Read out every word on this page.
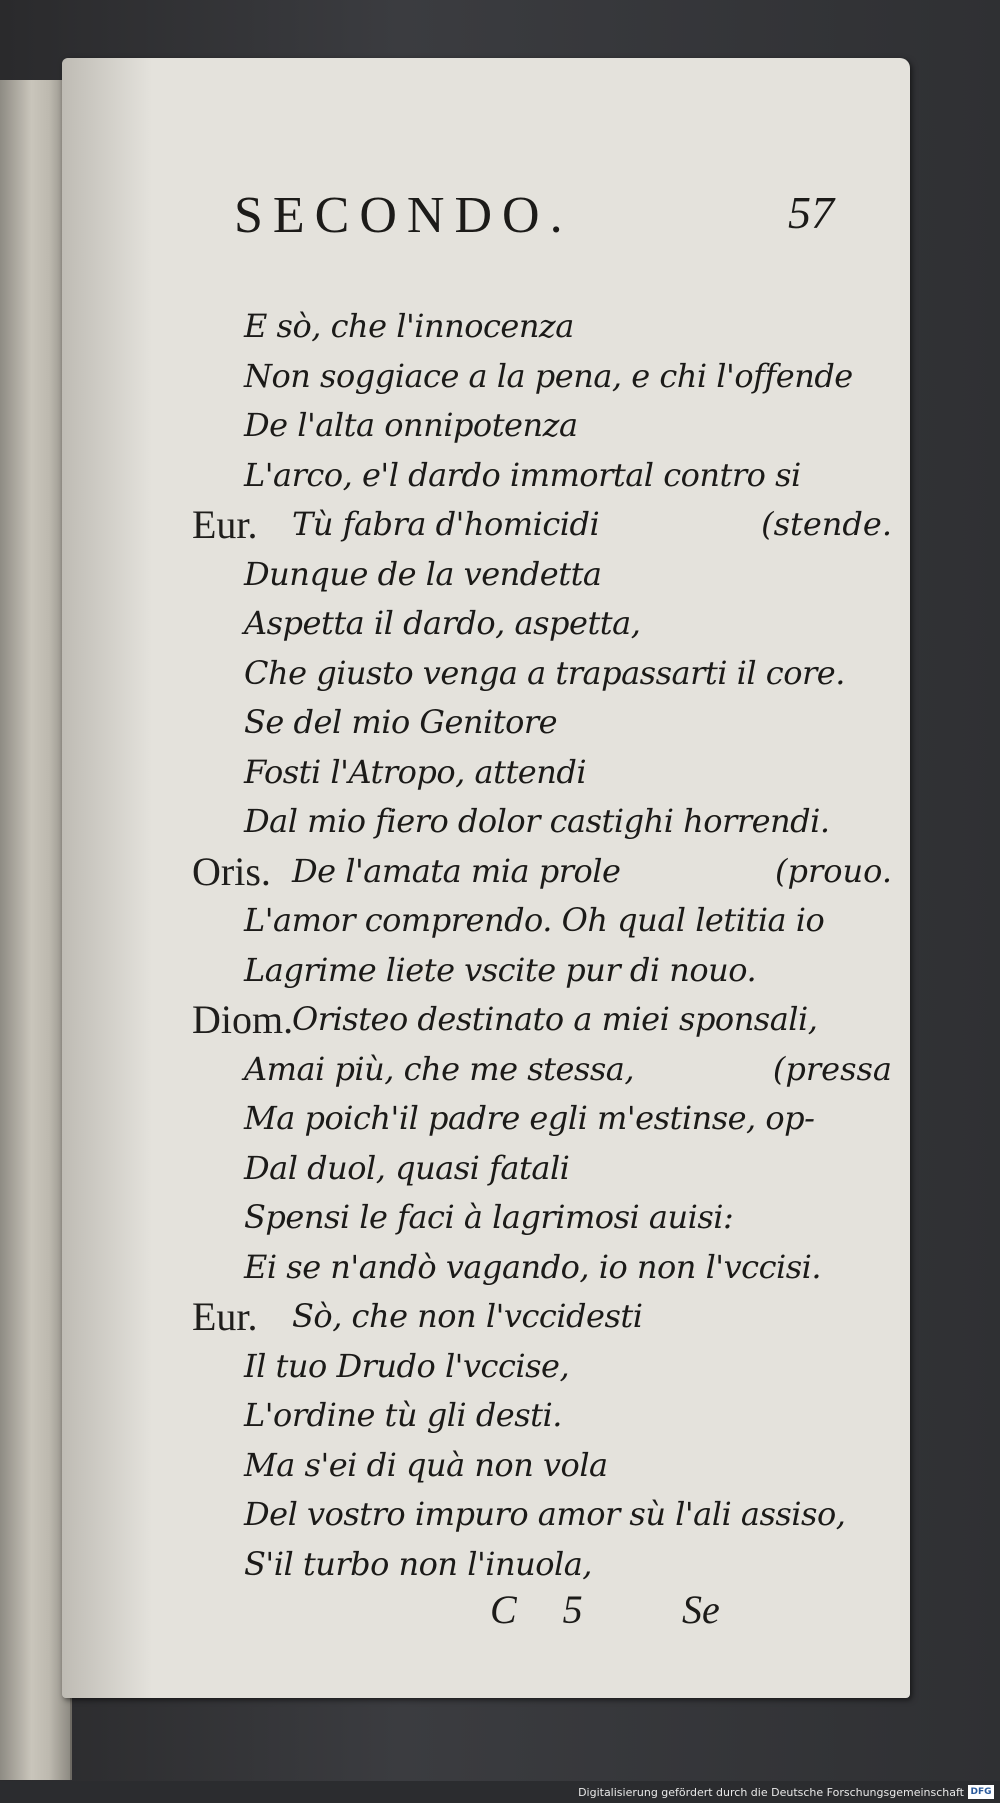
SECONDO.	57
E sò, che l'innocenza
Non soggiace a la pena, e chi l'offende
De l'alta onnipotenza
L'arco, e'l dardo immortal contro si
Eur. Tù fabra d'homicidi	(stende.
Dunque de la vendetta
Aspetta il dardo, aspetta,
Che giusto venga a trapassarti il core.
Se del mio Genitore
Fosti l'Atropo, attendi
Dal mio fiero dolor castighi horrendi.
Oris. De l'amata mia prole	(prouo.
L'amor comprendo. Oh qual letitia io
Lagrime liete vscite pur di nouo.
Diom.
Oristeo destinato a miei sponsali,
Amai più, che me stessa,	(pressa
Ma poich'il padre egli m'estinse, op-
Dal duol, quasi fatali
Spensi le faci à lagrimosi auisi:
Ei se n'andò vagando, io non l'vccisi.
Eur. Sò, che non l'vccidesti
Il tuo Drudo l'vccise,
L'ordine tù gli desti.
Ma s'ei di quà non vola
Del vostro impuro amor sù l'ali assiso,
S'il turbo non l'inuola,
C 5 Se
Digitalisierung gefördert durch die Deutsche Forschungsgemeinschaft DFG
